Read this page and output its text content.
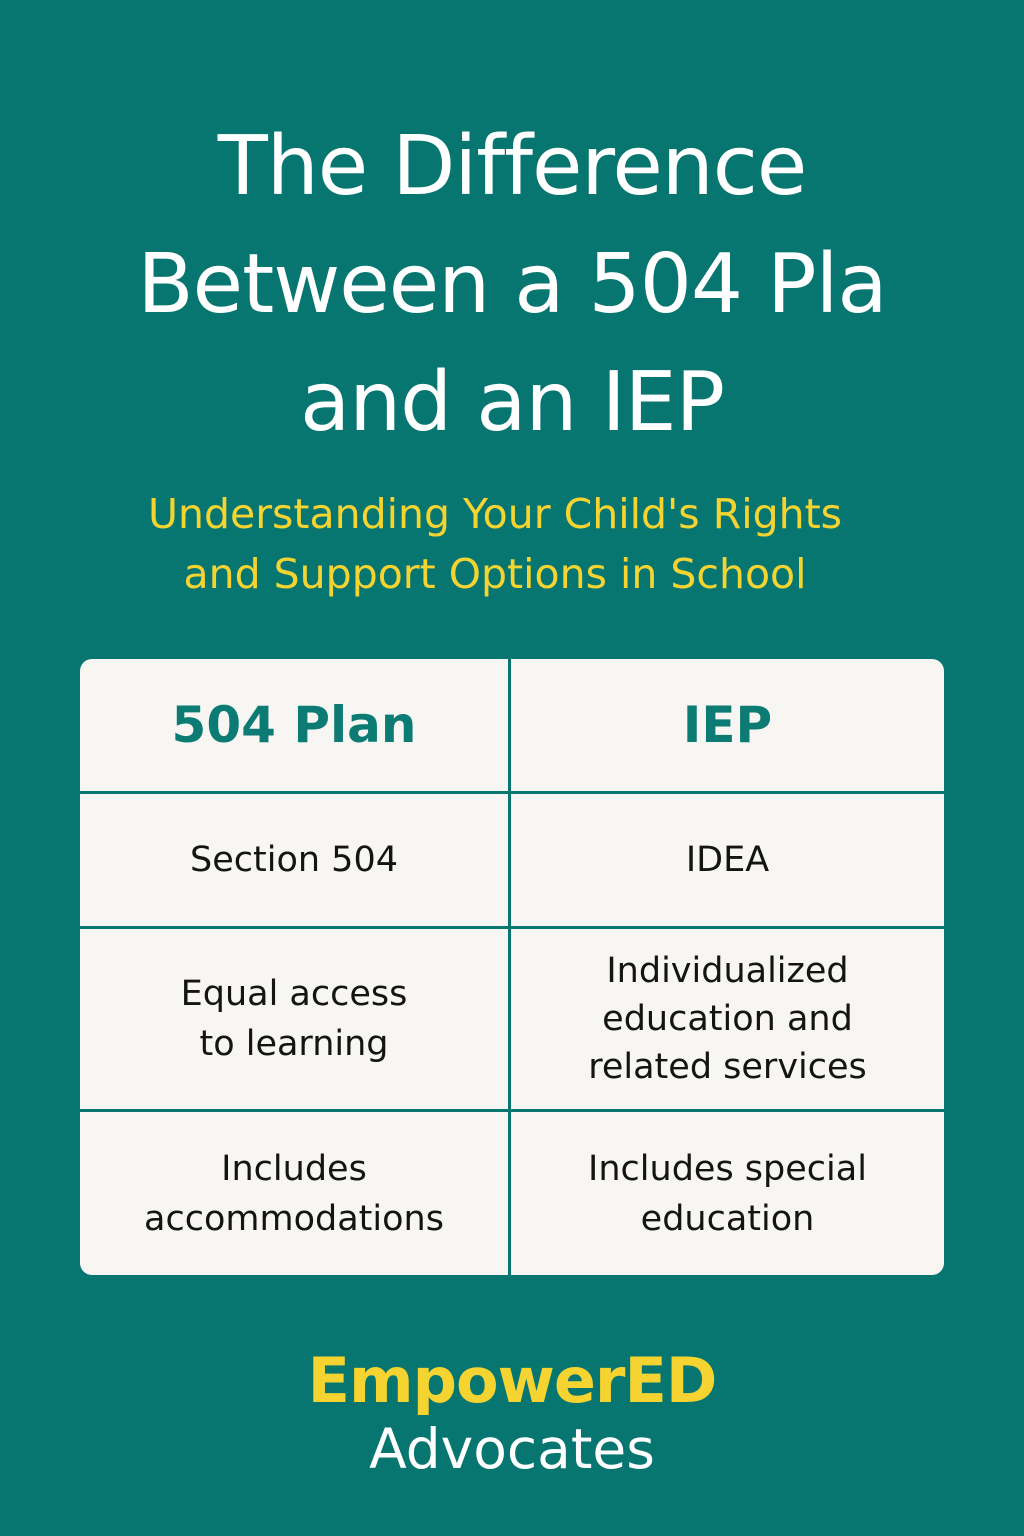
The Difference
Between a 504 Pla
and an IEP
Understanding Your Child's Rights
and Support Options in School
504 Plan	IEP
Section 504	IDEA
Equal access to learning
Individualized education and related services
Includes accommodations
Includes special education
EmpowerED
Advocates
